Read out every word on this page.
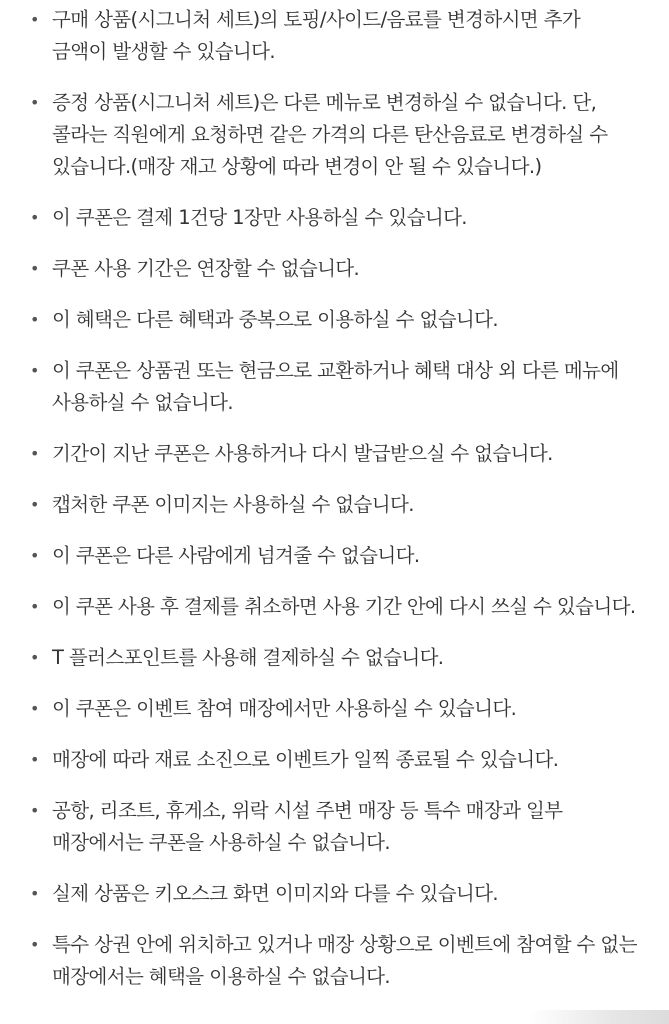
• 구매 상품(시그니처 세트)의 토핑/사이드/음료를 변경하시면 추가 금액이 발생할 수 있습니다.
• 증정 상품(시그니처 세트)은 다른 메뉴로 변경하실 수 없습니다. 단, 콜라는 직원에게 요청하면 같은 가격의 다른 탄산음료로 변경하실 수 있습니다.(매장 재고 상황에 따라 변경이 안 될 수 있습니다.)
• 이 쿠폰은 결제 1건당 1장만 사용하실 수 있습니다.
• 쿠폰 사용 기간은 연장할 수 없습니다.
• 이 혜택은 다른 혜택과 중복으로 이용하실 수 없습니다.
• 이 쿠폰은 상품권 또는 현금으로 교환하거나 혜택 대상 외 다른 메뉴에 사용하실 수 없습니다.
• 기간이 지난 쿠폰은 사용하거나 다시 발급받으실 수 없습니다.
• 캡처한 쿠폰 이미지는 사용하실 수 없습니다.
• 이 쿠폰은 다른 사람에게 넘겨줄 수 없습니다.
• 이 쿠폰 사용 후 결제를 취소하면 사용 기간 안에 다시 쓰실 수 있습니다.
• T 플러스포인트를 사용해 결제하실 수 없습니다.
• 이 쿠폰은 이벤트 참여 매장에서만 사용하실 수 있습니다.
• 매장에 따라 재료 소진으로 이벤트가 일찍 종료될 수 있습니다.
• 공항, 리조트, 휴게소, 위락 시설 주변 매장 등 특수 매장과 일부 매장에서는 쿠폰을 사용하실 수 없습니다.
• 실제 상품은 키오스크 화면 이미지와 다를 수 있습니다.
• 특수 상권 안에 위치하고 있거나 매장 상황으로 이벤트에 참여할 수 없는 매장에서는 혜택을 이용하실 수 없습니다.
